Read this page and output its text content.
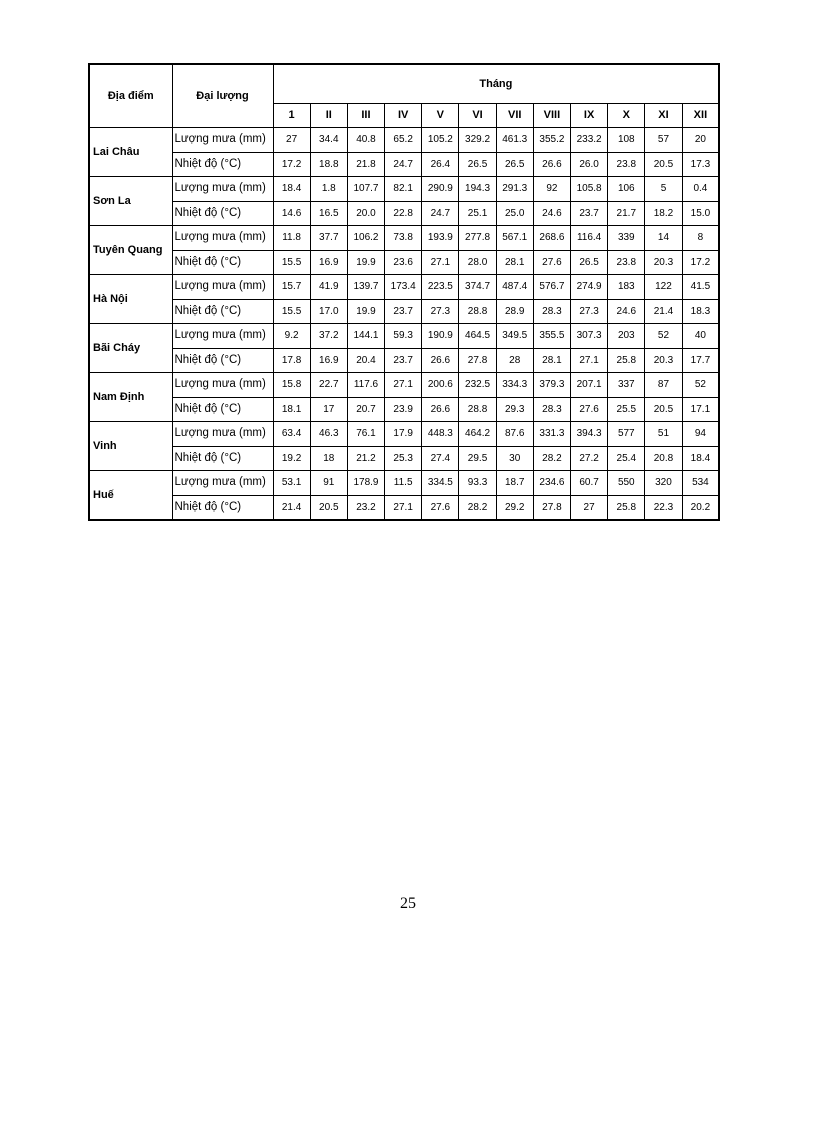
Địa điểm	Đại lượng	Tháng											
		1	II	III	IV	V	VI	VII	VIII	IX	X	XI	XII
Lai Châu	Lượng mưa (mm)	27	34.4	40.8	65.2	105.2	329.2	461.3	355.2	233.2	108	57	20
	Nhiệt độ (°C)	17.2	18.8	21.8	24.7	26.4	26.5	26.5	26.6	26.0	23.8	20.5	17.3
Sơn La	Lượng mưa (mm)	18.4	1.8	107.7	82.1	290.9	194.3	291.3	92	105.8	106	5	0.4
	Nhiệt độ (°C)	14.6	16.5	20.0	22.8	24.7	25.1	25.0	24.6	23.7	21.7	18.2	15.0
Tuyên Quang	Lượng mưa (mm)	11.8	37.7	106.2	73.8	193.9	277.8	567.1	268.6	116.4	339	14	8
	Nhiệt độ (°C)	15.5	16.9	19.9	23.6	27.1	28.0	28.1	27.6	26.5	23.8	20.3	17.2
Hà Nội	Lượng mưa (mm)	15.7	41.9	139.7	173.4	223.5	374.7	487.4	576.7	274.9	183	122	41.5
	Nhiệt độ (°C)	15.5	17.0	19.9	23.7	27.3	28.8	28.9	28.3	27.3	24.6	21.4	18.3
Bãi Cháy	Lượng mưa (mm)	9.2	37.2	144.1	59.3	190.9	464.5	349.5	355.5	307.3	203	52	40
	Nhiệt độ (°C)	17.8	16.9	20.4	23.7	26.6	27.8	28	28.1	27.1	25.8	20.3	17.7
Nam Định	Lượng mưa (mm)	15.8	22.7	117.6	27.1	200.6	232.5	334.3	379.3	207.1	337	87	52
	Nhiệt độ (°C)	18.1	17	20.7	23.9	26.6	28.8	29.3	28.3	27.6	25.5	20.5	17.1
Vinh	Lượng mưa (mm)	63.4	46.3	76.1	17.9	448.3	464.2	87.6	331.3	394.3	577	51	94
	Nhiệt độ (°C)	19.2	18	21.2	25.3	27.4	29.5	30	28.2	27.2	25.4	20.8	18.4
Huế	Lượng mưa (mm)	53.1	91	178.9	11.5	334.5	93.3	18.7	234.6	60.7	550	320	534
	Nhiệt độ (°C)	21.4	20.5	23.2	27.1	27.6	28.2	29.2	27.8	27	25.8	22.3	20.2
25
